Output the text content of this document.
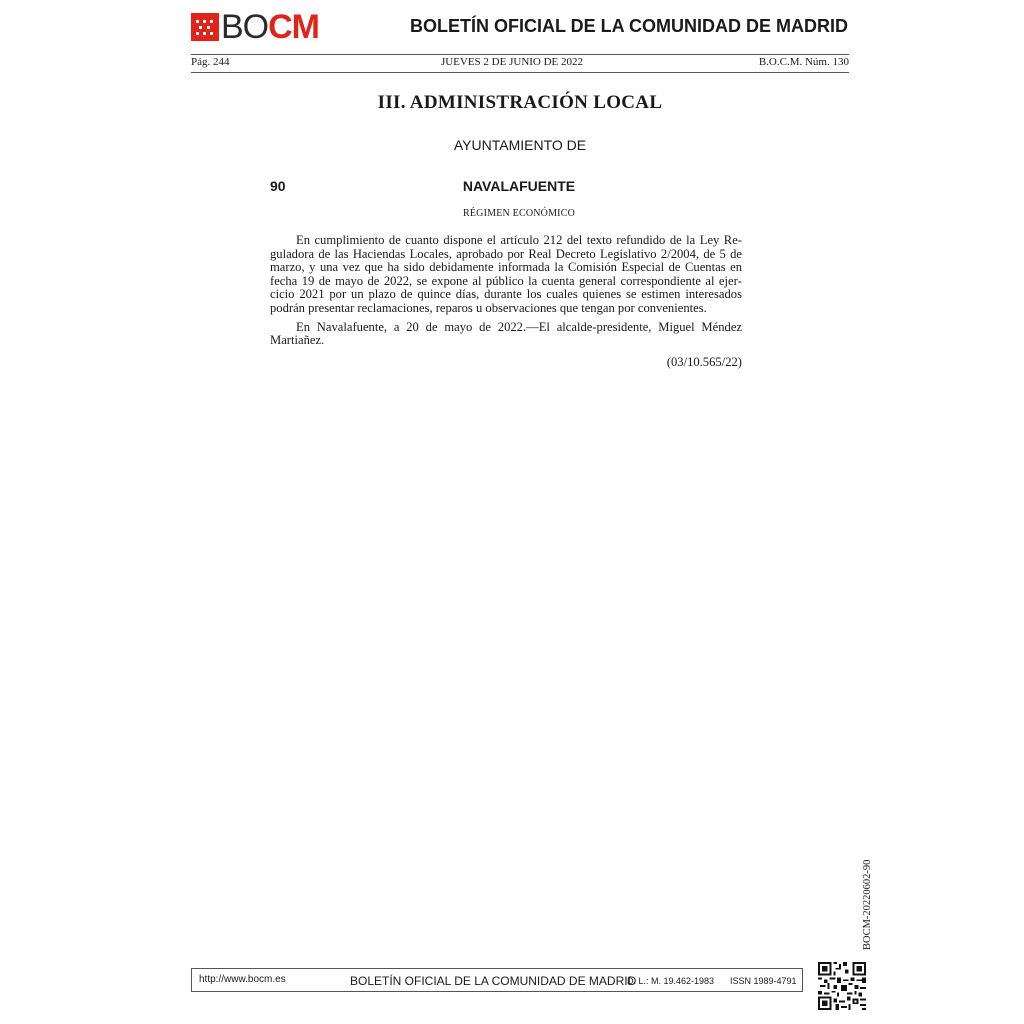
BOCM	BOLETÍN OFICIAL DE LA COMUNIDAD DE MADRID
Pág. 244	JUEVES 2 DE JUNIO DE 2022	B.O.C.M. Núm. 130
III. ADMINISTRACIÓN LOCAL
AYUNTAMIENTO DE
90	NAVALAFUENTE
RÉGIMEN ECONÓMICO

En cumplimiento de cuanto dispone el artículo 212 del texto refundido de la Ley Reguladora de las Haciendas Locales, aprobado por Real Decreto Legislativo 2/2004, de 5 de marzo, y una vez que ha sido debidamente informada la Comisión Especial de Cuentas en fecha 19 de mayo de 2022, se expone al público la cuenta general correspondiente al ejercicio 2021 por un plazo de quince días, durante los cuales quienes se estimen interesados podrán presentar reclamaciones, reparos u observaciones que tengan por convenientes.

En Navalafuente, a 20 de mayo de 2022.—El alcalde-presidente, Miguel Méndez Martiañez.

(03/10.565/22)
BOCM-20220602-90
http://www.bocm.es	BOLETÍN OFICIAL DE LA COMUNIDAD DE MADRID
D. L.: M. 19.462-1983 ISSN 1989-4791
